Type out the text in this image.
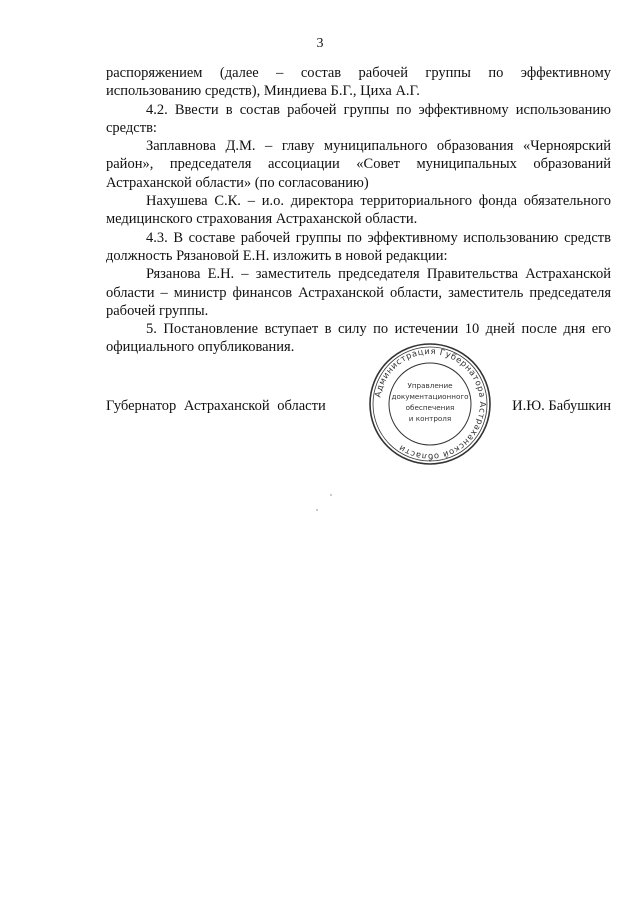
3

распоряжением (далее – состав рабочей группы по эффективному использованию средств), Миндиева Б.Г., Циха А.Г.

4.2. Ввести в состав рабочей группы по эффективному использованию средств:

Заплавнова Д.М. – главу муниципального образования «Черноярский район», председателя ассоциации «Совет муниципальных образований Астраханской области» (по согласованию)

Нахушева С.К. – и.о. директора территориального фонда обязательного медицинского страхования Астраханской области.

4.3. В составе рабочей группы по эффективному использованию средств должность Рязановой Е.Н. изложить в новой редакции:

Рязанова Е.Н. – заместитель председателя Правительства Астраханской области – министр финансов Астраханской области, заместитель председателя рабочей группы.

5. Постановление вступает в силу по истечении 10 дней после дня его официального опубликования.

Губернатор Астраханской области	И.Ю. Бабушкин
Администрация Губернатора Астраханской области
Управление
документационного
обеспечения
и контроля
